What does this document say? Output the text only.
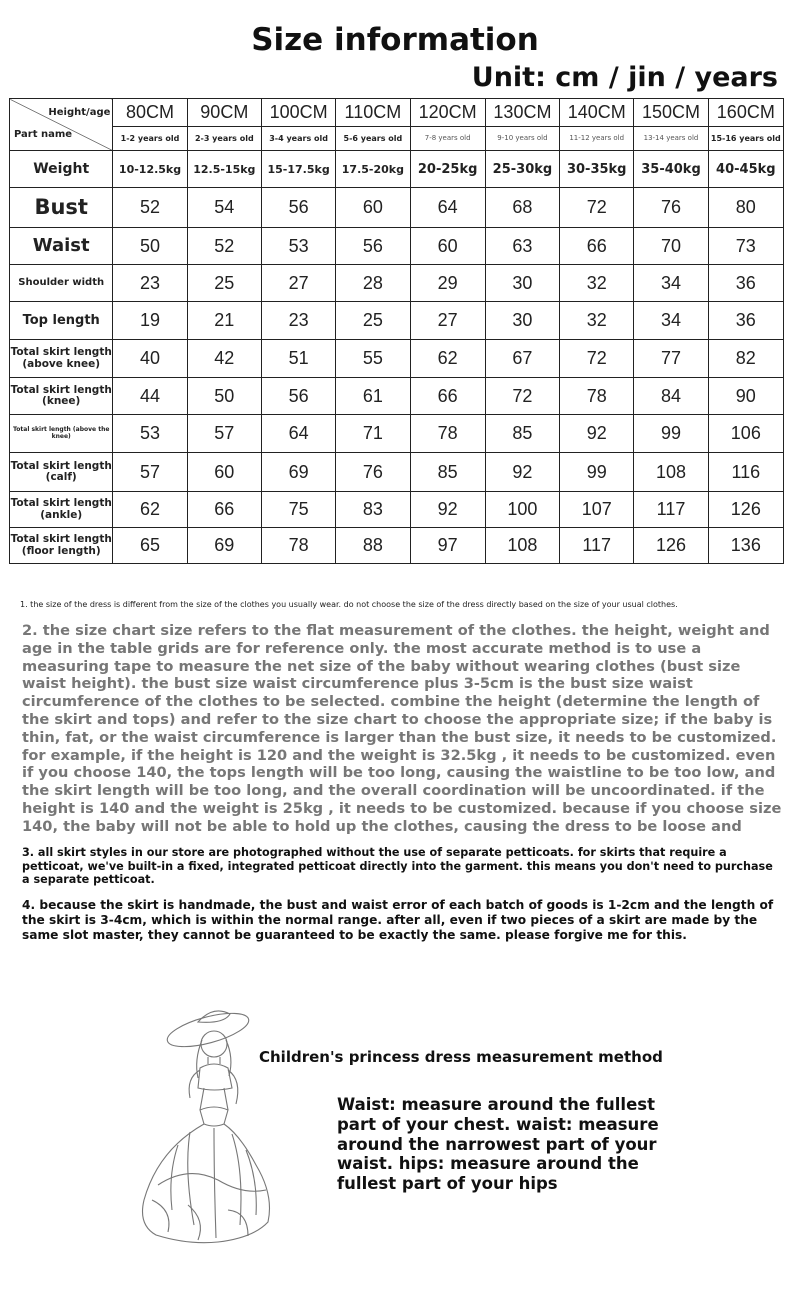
Size information
Unit: cm / jin / years
Height/age
Part name	80CM	90CM	100CM	110CM	120CM	130CM	140CM	150CM	160CM
	1-2 years old	2-3 years old	3-4 years old	5-6 years old	7-8 years old	9-10 years old	11-12 years old	13-14 years old	15-16 years old
Weight	10-12.5kg	12.5-15kg	15-17.5kg	17.5-20kg	20-25kg	25-30kg	30-35kg	35-40kg	40-45kg
Bust	52	54	56	60	64	68	72	76	80
Waist	50	52	53	56	60	63	66	70	73
Shoulder width	23	25	27	28	29	30	32	34	36
Top length	19	21	23	25	27	30	32	34	36
Total skirt length (above knee)	40	42	51	55	62	67	72	77	82
Total skirt length (knee)	44	50	56	61	66	72	78	84	90
Total skirt length (above the knee)	53	57	64	71	78	85	92	99	106
Total skirt length (calf)	57	60	69	76	85	92	99	108	116
Total skirt length (ankle)	62	66	75	83	92	100	107	117	126
Total skirt length (floor length)	65	69	78	88	97	108	117	126	136
1. the size of the dress is different from the size of the clothes you usually wear. do not choose the size of the dress directly based on the size of your usual clothes.
2. the size chart size refers to the flat measurement of the clothes. the height, weight and age in the table grids are for reference only. the most accurate method is to use a measuring tape to measure the net size of the baby without wearing clothes (bust size waist height). the bust size waist circumference plus 3-5cm is the bust size waist circumference of the clothes to be selected. combine the height (determine the length of the skirt and tops) and refer to the size chart to choose the appropriate size; if the baby is thin, fat, or the waist circumference is larger than the bust size, it needs to be customized. for example, if the height is 120 and the weight is 32.5kg , it needs to be customized. even if you choose 140, the tops length will be too long, causing the waistline to be too low, and the skirt length will be too long, and the overall coordination will be uncoordinated. if the height is 140 and the weight is 25kg , it needs to be customized. because if you choose size 140, the baby will not be able to hold up the clothes, causing the dress to be loose and
3. all skirt styles in our store are photographed without the use of separate petticoats. for skirts that require a petticoat, we've built-in a fixed, integrated petticoat directly into the garment. this means you don't need to purchase a separate petticoat.
4. because the skirt is handmade, the bust and waist error of each batch of goods is 1-2cm and the length of the skirt is 3-4cm, which is within the normal range. after all, even if two pieces of a skirt are made by the same slot master, they cannot be guaranteed to be exactly the same. please forgive me for this.
Children's princess dress measurement method
Waist: measure around the fullest part of your chest. waist: measure around the narrowest part of your waist. hips: measure around the fullest part of your hips
